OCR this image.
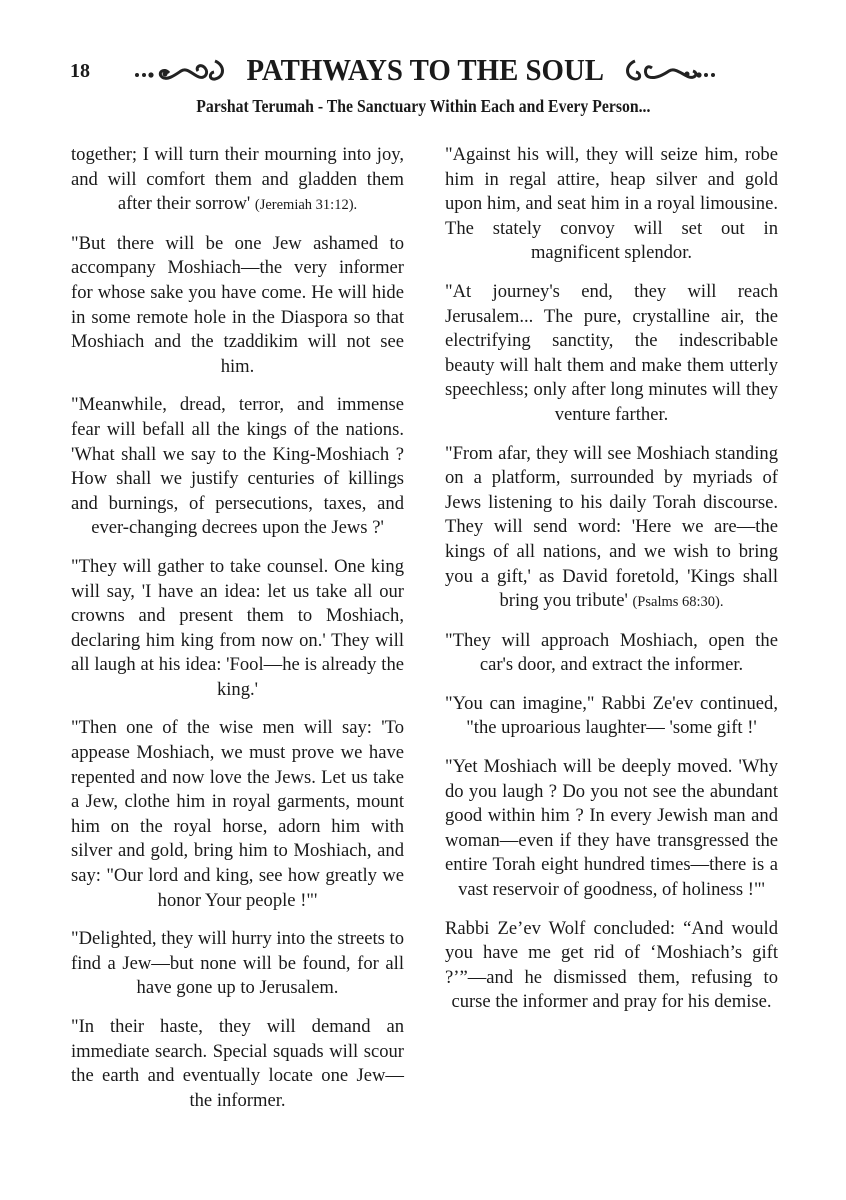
18	PATHWAYS TO THE SOUL
Parshat Terumah - The Sanctuary Within Each and Every Person...

together; I will turn their mourning into joy, and will comfort them and gladden them after their sorrow' (Jeremiah 31:12).

"But there will be one Jew ashamed to accompany Moshiach—the very informer for whose sake you have come. He will hide in some remote hole in the Diaspora so that Moshiach and the tzaddikim will not see him.

"Meanwhile, dread, terror, and immense fear will befall all the kings of the nations. 'What shall we say to the King-Moshiach ? How shall we justify centuries of killings and burnings, of persecutions, taxes, and ever-changing decrees upon the Jews ?'

"They will gather to take counsel. One king will say, 'I have an idea: let us take all our crowns and present them to Moshiach, declaring him king from now on.' They will all laugh at his idea: 'Fool—he is already the king.'

"Then one of the wise men will say: 'To appease Moshiach, we must prove we have repented and now love the Jews. Let us take a Jew, clothe him in royal garments, mount him on the royal horse, adorn him with silver and gold, bring him to Moshiach, and say: "Our lord and king, see how greatly we honor Your people !"'

"Delighted, they will hurry into the streets to find a Jew—but none will be found, for all have gone up to Jerusalem.

"In their haste, they will demand an immediate search. Special squads will scour the earth and eventually locate one Jew—the informer.

"Against his will, they will seize him, robe him in regal attire, heap silver and gold upon him, and seat him in a royal limousine. The stately convoy will set out in magnificent splendor.

"At journey's end, they will reach Jerusalem... The pure, crystalline air, the electrifying sanctity, the indescribable beauty will halt them and make them utterly speechless; only after long minutes will they venture farther.

"From afar, they will see Moshiach standing on a platform, surrounded by myriads of Jews listening to his daily Torah discourse. They will send word: 'Here we are—the kings of all nations, and we wish to bring you a gift,' as David foretold, 'Kings shall bring you tribute' (Psalms 68:30).

"They will approach Moshiach, open the car's door, and extract the informer.

"You can imagine," Rabbi Ze'ev continued, "the uproarious laughter— 'some gift !'

"Yet Moshiach will be deeply moved. 'Why do you laugh ? Do you not see the abundant good within him ? In every Jewish man and woman—even if they have transgressed the entire Torah eight hundred times—there is a vast reservoir of goodness, of holiness !"'

Rabbi Ze’ev Wolf concluded: “And would you have me get rid of ‘Moshiach’s gift ?’”—and he dismissed them, refusing to curse the informer and pray for his demise.
